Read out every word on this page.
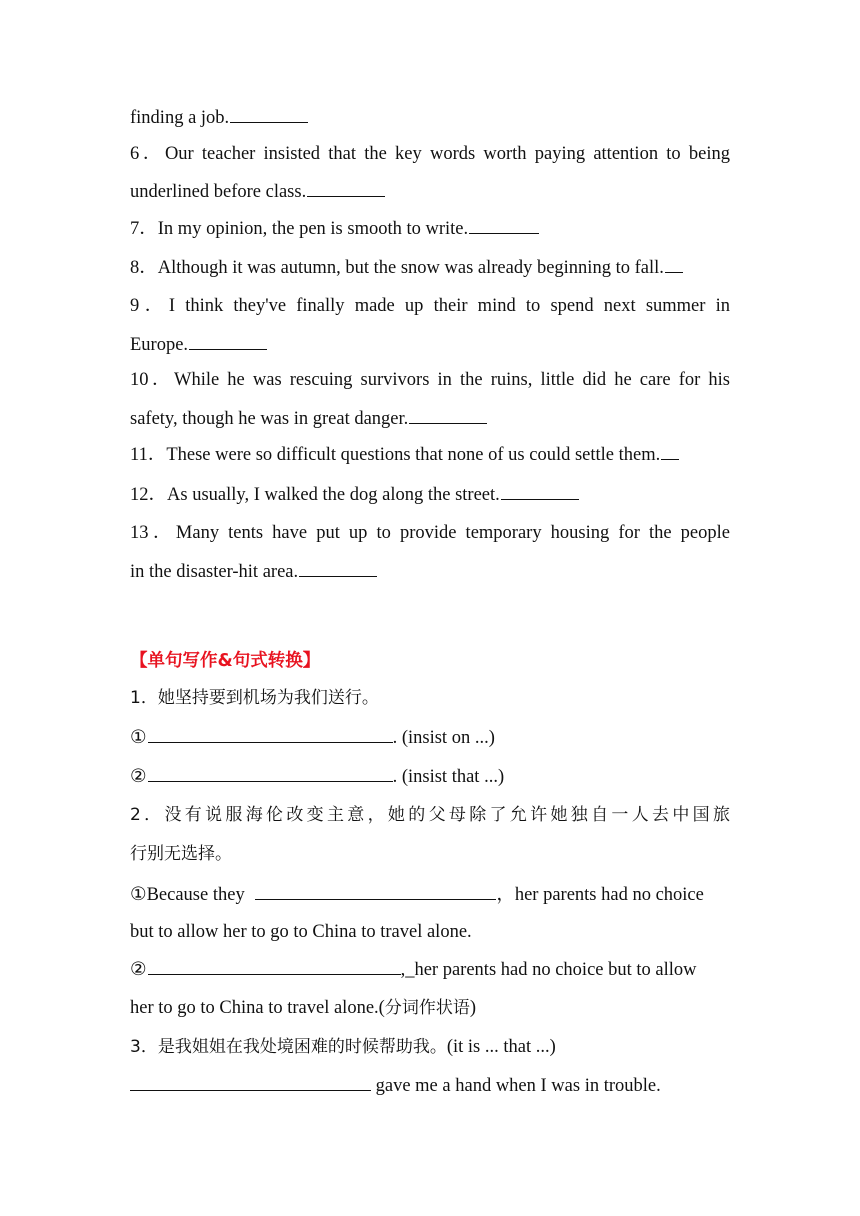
finding a job.
6．Our teacher insisted that the key words worth paying attention to being
underlined before class.
7．In my opinion, the pen is smooth to write.
8．Although it was autumn, but the snow was already beginning to fall.
9．I think they've finally made up their mind to spend next summer in
Europe.
10．While he was rescuing survivors in the ruins, little did he care for his
safety, though he was in great danger.
11．These were so difficult questions that none of us could settle them.
12．As usually, I walked the dog along the street.
13．Many tents have put up to provide temporary housing for the people
in the disaster-hit area.
【单句写作&句式转换】
1．她坚持要到机场为我们送行。
①	. (insist on ...)
②	. (insist that ...)
2．没有说服海伦改变主意，她的父母除了允许她独自一人去中国旅
行别无选择。
①Because they	，her parents had no choice
but to allow her to go to China to travel alone.
②	,_her parents had no choice but to allow
her to go to China to travel alone.(分词作状语)
3．是我姐姐在我处境困难的时候帮助我。(it is ... that ...)
gave me a hand when I was in trouble.
